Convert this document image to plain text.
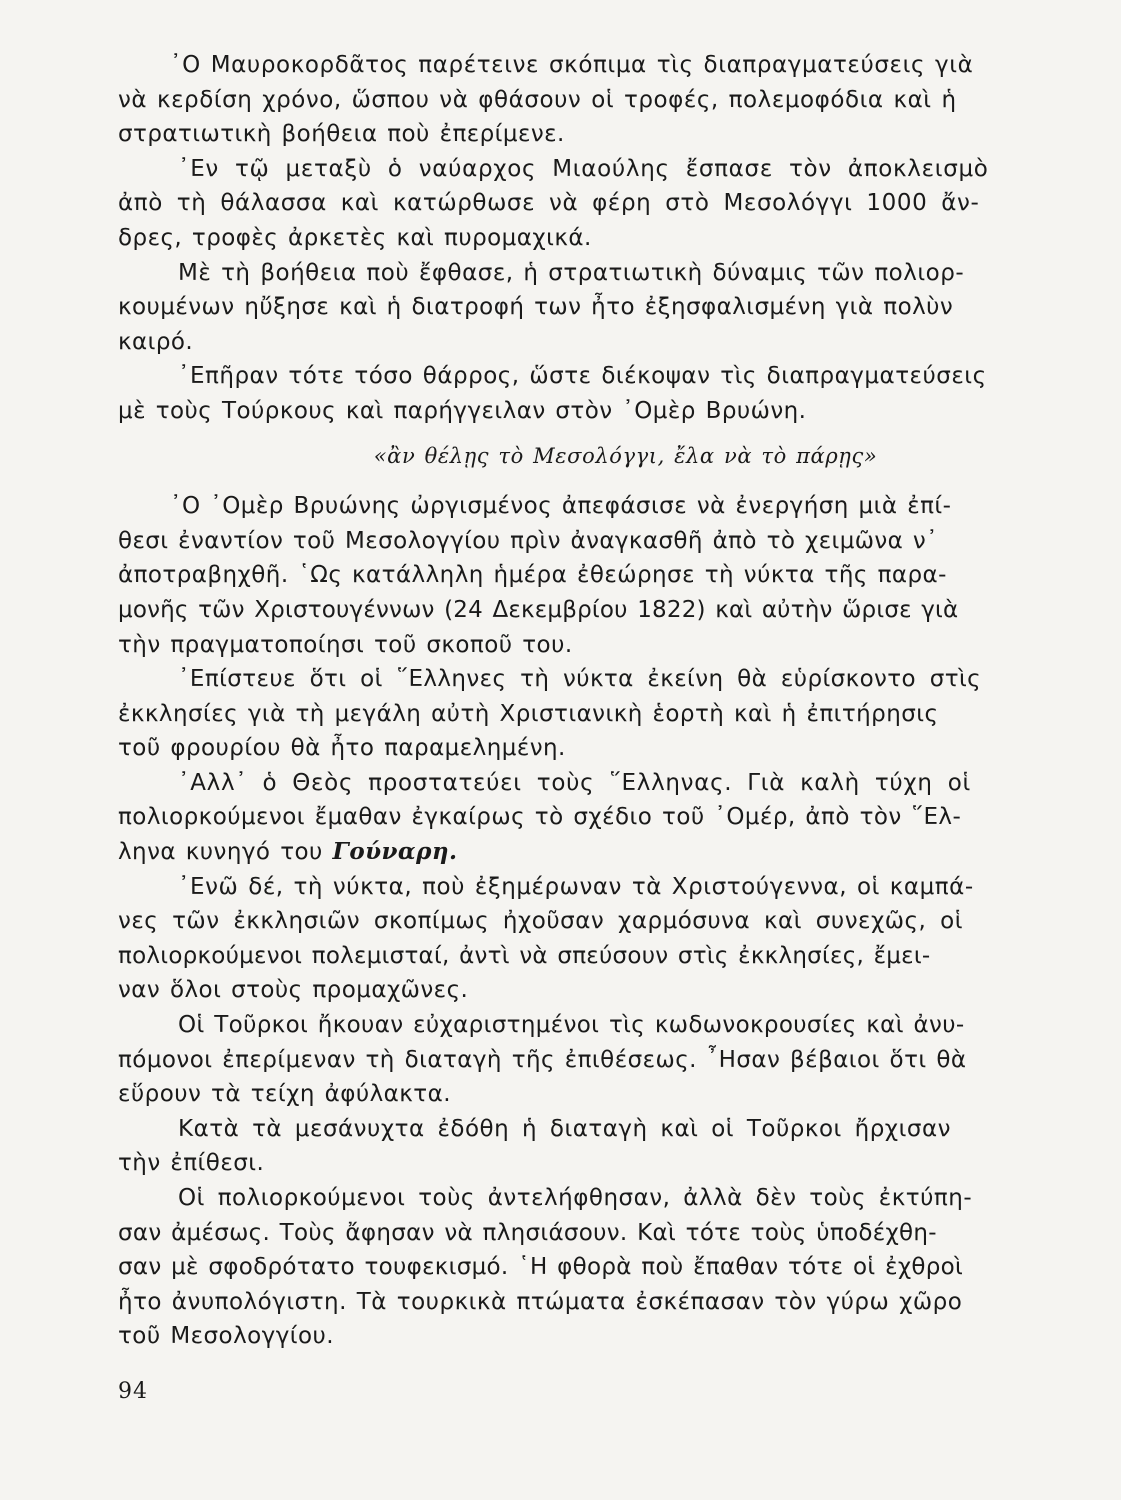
᾿Ο Μαυροκορδᾶτος παρέτεινε σκόπιμα τὶς διαπραγματεύσεις γιὰ
νὰ κερδίση χρόνο, ὥσπου νὰ φθάσουν οἱ τροφές, πολεμοφόδια καὶ ἡ
στρατιωτικὴ βοήθεια ποὺ ἐπερίμενε.
᾿Εν τῷ μεταξὺ ὁ ναύαρχος Μιαούλης ἔσπασε τὸν ἀποκλεισμὸ
ἀπὸ τὴ θάλασσα καὶ κατώρθωσε νὰ φέρη στὸ Μεσολόγγι 1000 ἄν-
δρες, τροφὲς ἀρκετὲς καὶ πυρομαχικά.
Μὲ τὴ βοήθεια ποὺ ἔφθασε, ἡ στρατιωτικὴ δύναμις τῶν πολιορ-
κουμένων ηὔξησε καὶ ἡ διατροφή των ἦτο ἐξησφαλισμένη γιὰ πολὺν
καιρό.
᾿Επῆραν τότε τόσο θάρρος, ὥστε διέκοψαν τὶς διαπραγματεύσεις
μὲ τοὺς Τούρκους καὶ παρήγγειλαν στὸν ᾿Ομὲρ Βρυώνη.
«ἂν θέλῃς τὸ Μεσολόγγι, ἔλα νὰ τὸ πάρῃς»
᾿Ο ᾿Ομὲρ Βρυώνης ὠργισμένος ἀπεφάσισε νὰ ἐνεργήση μιὰ ἐπί-
θεσι ἐναντίον τοῦ Μεσολογγίου πρὶν ἀναγκασθῆ ἀπὸ τὸ χειμῶνα ν᾿
ἀποτραβηχθῆ. ῾Ως κατάλληλη ἡμέρα ἐθεώρησε τὴ νύκτα τῆς παρα-
μονῆς τῶν Χριστουγέννων (24 Δεκεμβρίου 1822) καὶ αὐτὴν ὥρισε γιὰ
τὴν πραγματοποίησι τοῦ σκοποῦ του.
᾿Επίστευε ὅτι οἱ ῞Ελληνες τὴ νύκτα ἐκείνη θὰ εὑρίσκοντο στὶς
ἐκκλησίες γιὰ τὴ μεγάλη αὐτὴ Χριστιανικὴ ἑορτὴ καὶ ἡ ἐπιτήρησις
τοῦ φρουρίου θὰ ἦτο παραμελημένη.
᾿Αλλ᾿ ὁ Θεὸς προστατεύει τοὺς ῞Ελληνας. Γιὰ καλὴ τύχη οἱ
πολιορκούμενοι ἔμαθαν ἐγκαίρως τὸ σχέδιο τοῦ ᾿Ομέρ, ἀπὸ τὸν ῞Ελ-
ληνα κυνηγό του Γούναρη.
᾿Ενῶ δέ, τὴ νύκτα, ποὺ ἐξημέρωναν τὰ Χριστούγεννα, οἱ καμπά-
νες τῶν ἐκκλησιῶν σκοπίμως ἠχοῦσαν χαρμόσυνα καὶ συνεχῶς, οἱ
πολιορκούμενοι πολεμισταί, ἀντὶ νὰ σπεύσουν στὶς ἐκκλησίες, ἔμει-
ναν ὅλοι στοὺς προμαχῶνες.
Οἱ Τοῦρκοι ἤκουαν εὐχαριστημένοι τὶς κωδωνοκρουσίες καὶ ἀνυ-
πόμονοι ἐπερίμεναν τὴ διαταγὴ τῆς ἐπιθέσεως. ῏Ησαν βέβαιοι ὅτι θὰ
εὕρουν τὰ τείχη ἀφύλακτα.
Κατὰ τὰ μεσάνυχτα ἐδόθη ἡ διαταγὴ καὶ οἱ Τοῦρκοι ἤρχισαν
τὴν ἐπίθεσι.
Οἱ πολιορκούμενοι τοὺς ἀντελήφθησαν, ἀλλὰ δὲν τοὺς ἐκτύπη-
σαν ἀμέσως. Τοὺς ἄφησαν νὰ πλησιάσουν. Καὶ τότε τοὺς ὑποδέχθη-
σαν μὲ σφοδρότατο τουφεκισμό. ῾Η φθορὰ ποὺ ἔπαθαν τότε οἱ ἐχθροὶ
ἦτο ἀνυπολόγιστη. Τὰ τουρκικὰ πτώματα ἐσκέπασαν τὸν γύρω χῶρο
τοῦ Μεσολογγίου.
94
